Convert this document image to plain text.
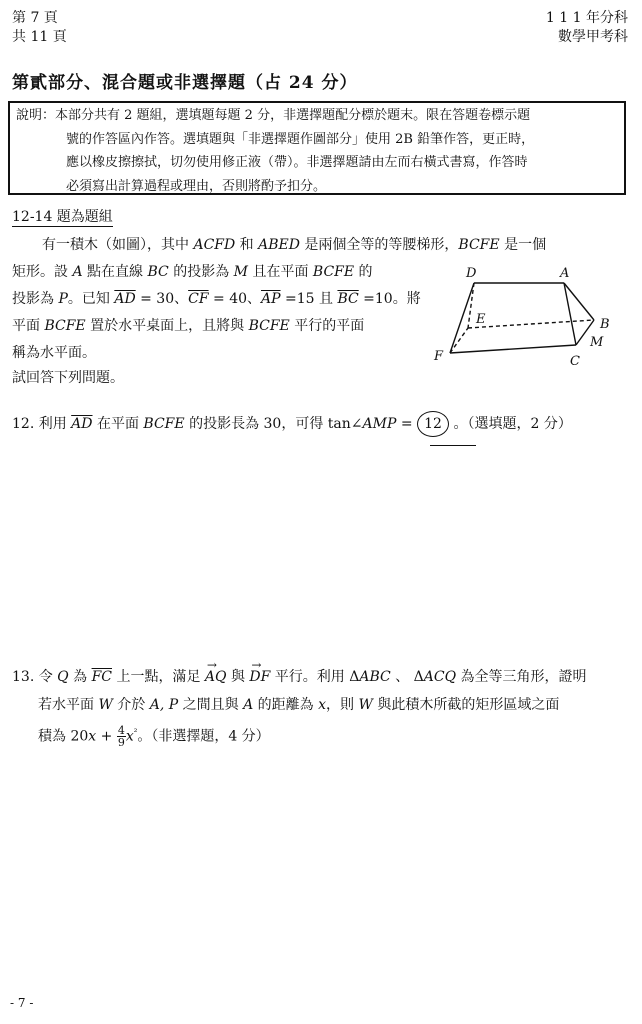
第 7 頁
共 11 頁
1 1 1 年分科
數學甲考科
第貳部分、混合題或非選擇題（占 24 分）
說明：本部分共有 2 題組，選填題每題 2 分，非選擇題配分標於題末。限在答題卷標示題
號的作答區內作答。選填題與「非選擇題作圖部分」使用 2B 鉛筆作答，更正時，
應以橡皮擦擦拭，切勿使用修正液（帶）。非選擇題請由左而右橫式書寫，作答時
必須寫出計算過程或理由，否則將酌予扣分。
12-14 題為題組
有一積木（如圖），其中 ACFD 和 ABED 是兩個全等的等腰梯形，BCFE 是一個
矩形。設 A 點在直線 BC 的投影為 M 且在平面 BCFE 的
投影為 P。已知 $\overline{AD} = 30$、$\overline{CF} = 40$、$\overline{AP} =15$ 且 $\overline{BC} =10$。將
平面 BCFE 置於水平桌面上，且將與 BCFE 平行的平面
稱為水平面。
試回答下列問題。
D	A
E	B
M
F	C
12. 利用 $\overline{AD}$ 在平面 BCFE 的投影長為 30，可得 tan∠AMP = 12 。（選填題，2 分）
13. 令 Q 為 $\overline{FC}$ 上一點，滿足 → AQ 與 → DF 平行。利用 ΔABC 、 ΔACQ 為全等三角形，證明
若水平面 W 介於 A, P 之間且與 A 的距離為 x，則 W 與此積木所截的矩形區域之面
積為 $20x + \frac{4}{9} x^{^2}$。（非選擇題，4 分）
- 7 -
